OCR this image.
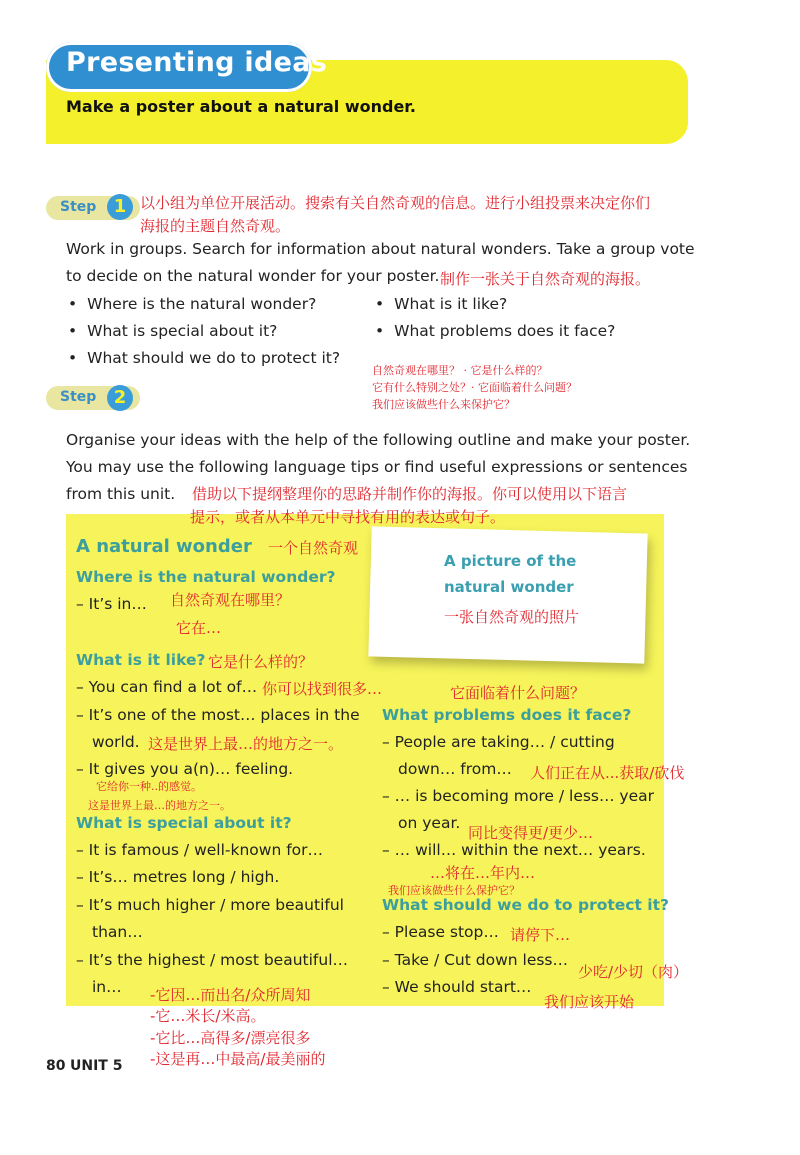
Presenting ideas
Make a poster about a natural wonder.
Step 1 以小组为单位开展活动。搜索有关自然奇观的信息。进行小组投票来决定你们
海报的主题自然奇观。
Work in groups. Search for information about natural wonders. Take a group vote
to decide on the natural wonder for your poster. 制作一张关于自然奇观的海报。
• Where is the natural wonder?
• What is special about it?
• What should we do to protect it?
• What is it like?
• What problems does it face?
自然奇观在哪里？ · 它是什么样的？
它有什么特别之处？· 它面临着什么问题？
我们应该做些什么来保护它？
Step 2
Organise your ideas with the help of the following outline and make your poster.
You may use the following language tips or find useful expressions or sentences
from this unit. 借助以下提纲整理你的思路并制作你的海报。你可以使用以下语言
提示，或者从本单元中寻找有用的表达或句子。
A picture of the
natural wonder
一张自然奇观的照片
A natural wonder 一个自然奇观
Where is the natural wonder?
– It’s in… 自然奇观在哪里？
它在…
What is it like? 它是什么样的？
– You can find a lot of… 你可以找到很多…
– It’s one of the most… places in the
world. 这是世界上最…的地方之一。
– It gives you a(n)… feeling.
它给你一种..的感觉。
这是世界上最…的地方之一。
What is special about it?
– It is famous / well-known for…
– It’s… metres long / high.
– It’s much higher / more beautiful
than…
– It’s the highest / most beautiful…
in… -它因…而出名/众所周知
-它…米长/米高。
-它比…高得多/漂亮很多
-这是再…中最高/最美丽的
它面临着什么问题？
What problems does it face?
– People are taking… / cutting
down… from… 人们正在从...获取/砍伐
– … is becoming more / less… year
on year.
同比变得更/更少…
– … will… within the next… years.
…将在…年内…
我们应该做些什么保护它？
What should we do to protect it?
– Please stop… 请停下…
– Take / Cut down less…
少吃/少切（肉）
– We should start…
我们应该开始
80 UNIT 5
